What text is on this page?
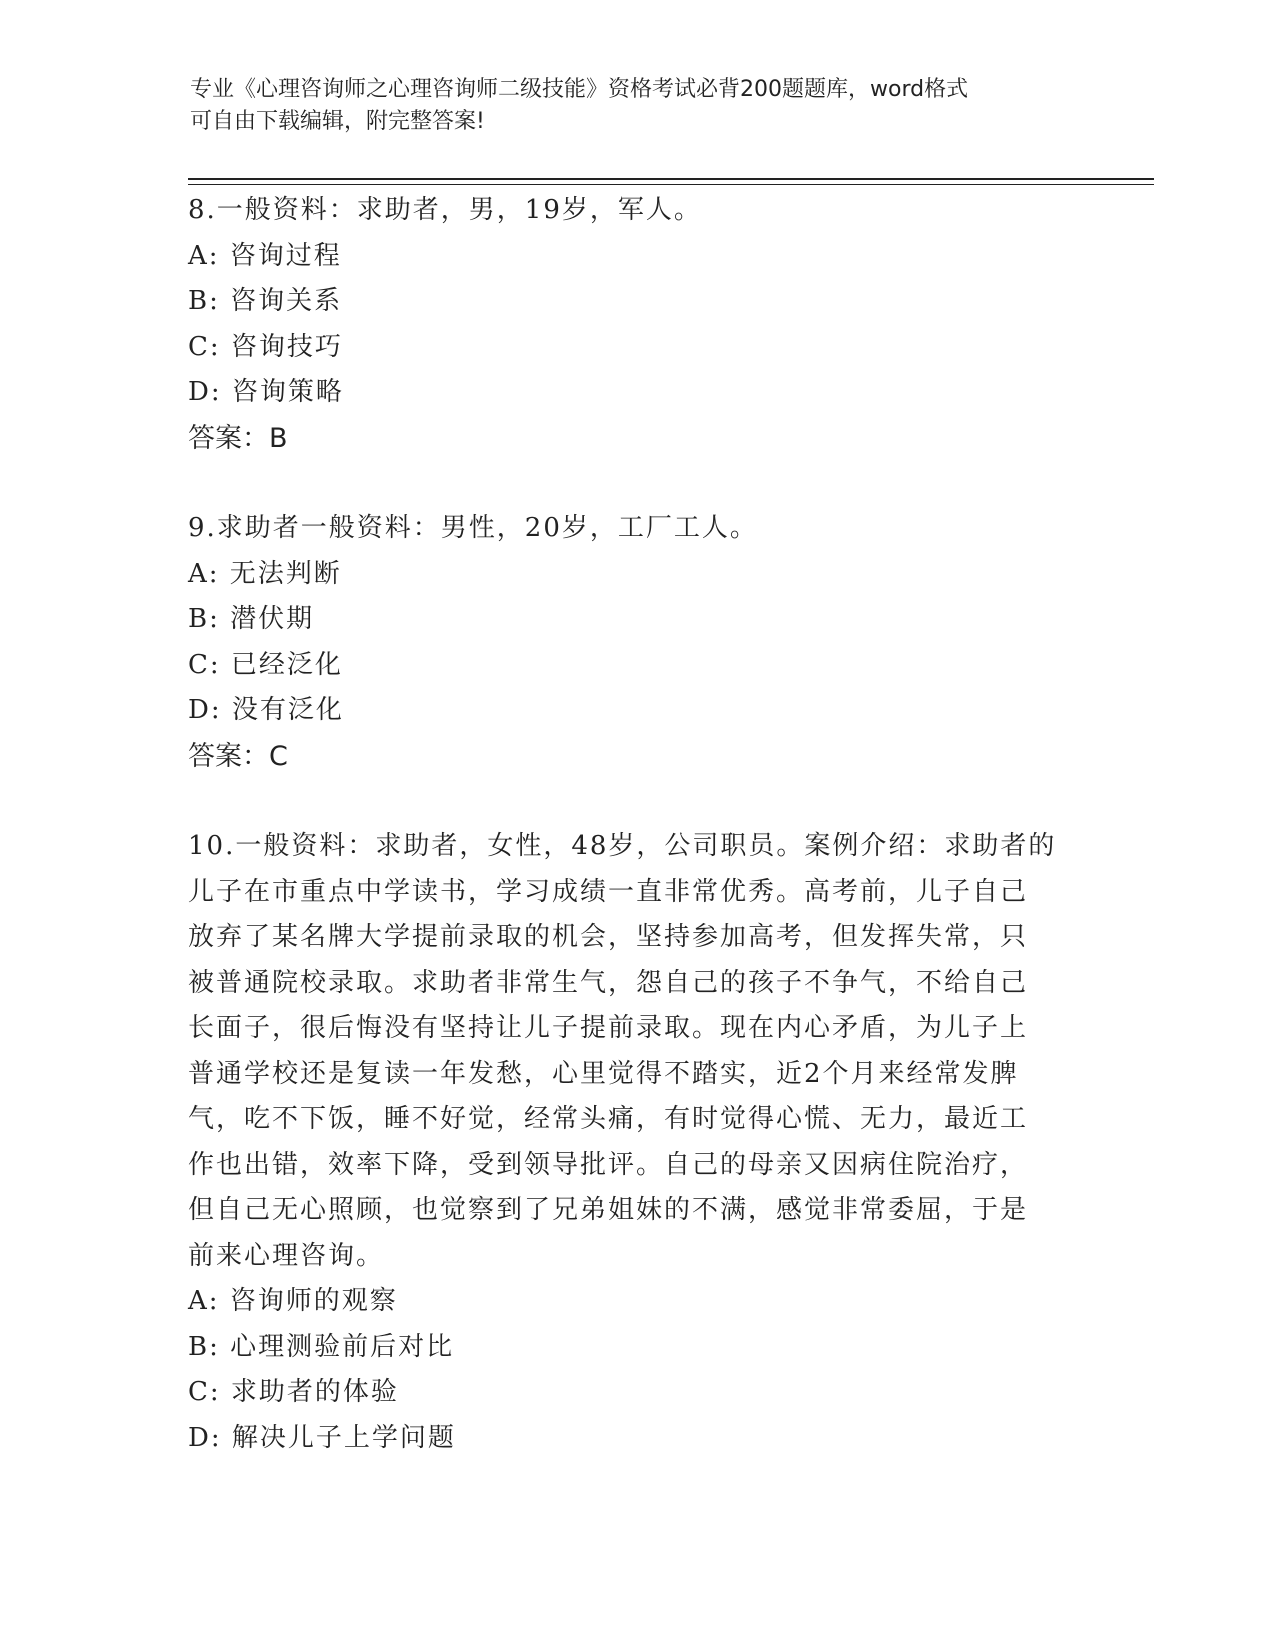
专业《心理咨询师之心理咨询师二级技能》资格考试必背200题题库，word格式
可自由下载编辑，附完整答案!
8.一般资料：求助者，男，19岁，军人。
A: 咨询过程
B: 咨询关系
C: 咨询技巧
D: 咨询策略
答案：B
9.求助者一般资料：男性，20岁，工厂工人。
A: 无法判断
B: 潜伏期
C: 已经泛化
D: 没有泛化
答案：C
10.一般资料：求助者，女性，48岁，公司职员。案例介绍：求助者的
儿子在市重点中学读书，学习成绩一直非常优秀。高考前，儿子自己
放弃了某名牌大学提前录取的机会，坚持参加高考，但发挥失常，只
被普通院校录取。求助者非常生气，怨自己的孩子不争气，不给自己
长面子，很后悔没有坚持让儿子提前录取。现在内心矛盾，为儿子上
普通学校还是复读一年发愁，心里觉得不踏实，近2个月来经常发脾
气，吃不下饭，睡不好觉，经常头痛，有时觉得心慌、无力，最近工
作也出错，效率下降，受到领导批评。自己的母亲又因病住院治疗，
但自己无心照顾，也觉察到了兄弟姐妹的不满，感觉非常委屈，于是
前来心理咨询。
A: 咨询师的观察
B: 心理测验前后对比
C: 求助者的体验
D: 解决儿子上学问题
